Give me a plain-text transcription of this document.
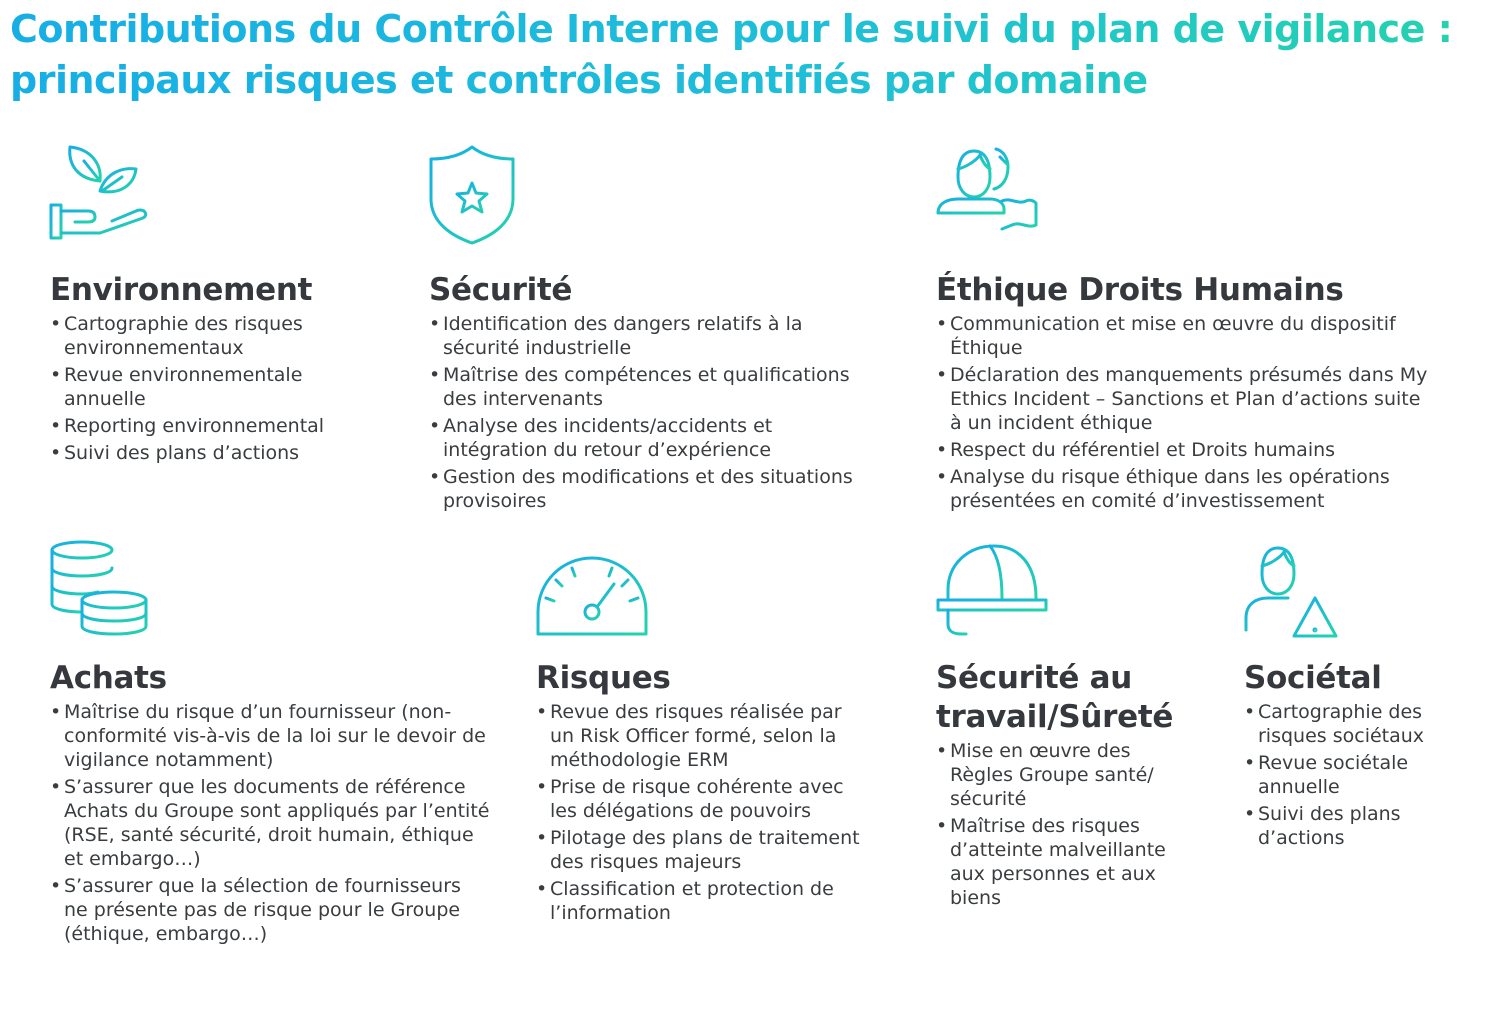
Contributions du Contrôle Interne pour le suivi du plan de vigilance : principaux risques et contrôles identifiés par domaine
Environnement
• Cartographie des risques environnementaux
• Revue environnementale annuelle
• Reporting environnemental
• Suivi des plans d’actions
Sécurité
• Identification des dangers relatifs à la sécurité industrielle
• Maîtrise des compétences et qualifications des intervenants
• Analyse des incidents/accidents et intégration du retour d’expérience
• Gestion des modifications et des situations provisoires
Éthique Droits Humains
• Communication et mise en œuvre du dispositif Éthique
• Déclaration des manquements présumés dans My Ethics Incident – Sanctions et Plan d’actions suite à un incident éthique
• Respect du référentiel et Droits humains
• Analyse du risque éthique dans les opérations présentées en comité d’investissement
Achats
• Maîtrise du risque d’un fournisseur (non-conformité vis-à-vis de la loi sur le devoir de vigilance notamment)
• S’assurer que les documents de référence Achats du Groupe sont appliqués par l’entité (RSE, santé sécurité, droit humain, éthique et embargo…)
• S’assurer que la sélection de fournisseurs ne présente pas de risque pour le Groupe (éthique, embargo…)
Risques
• Revue des risques réalisée par un Risk Officer formé, selon la méthodologie ERM
• Prise de risque cohérente avec les délégations de pouvoirs
• Pilotage des plans de traitement des risques majeurs
• Classification et protection de l’information
Sécurité au travail/Sûreté
• Mise en œuvre des Règles Groupe santé/ sécurité
• Maîtrise des risques d’atteinte malveillante aux personnes et aux biens
Sociétal
• Cartographie des risques sociétaux
• Revue sociétale annuelle
• Suivi des plans d’actions
